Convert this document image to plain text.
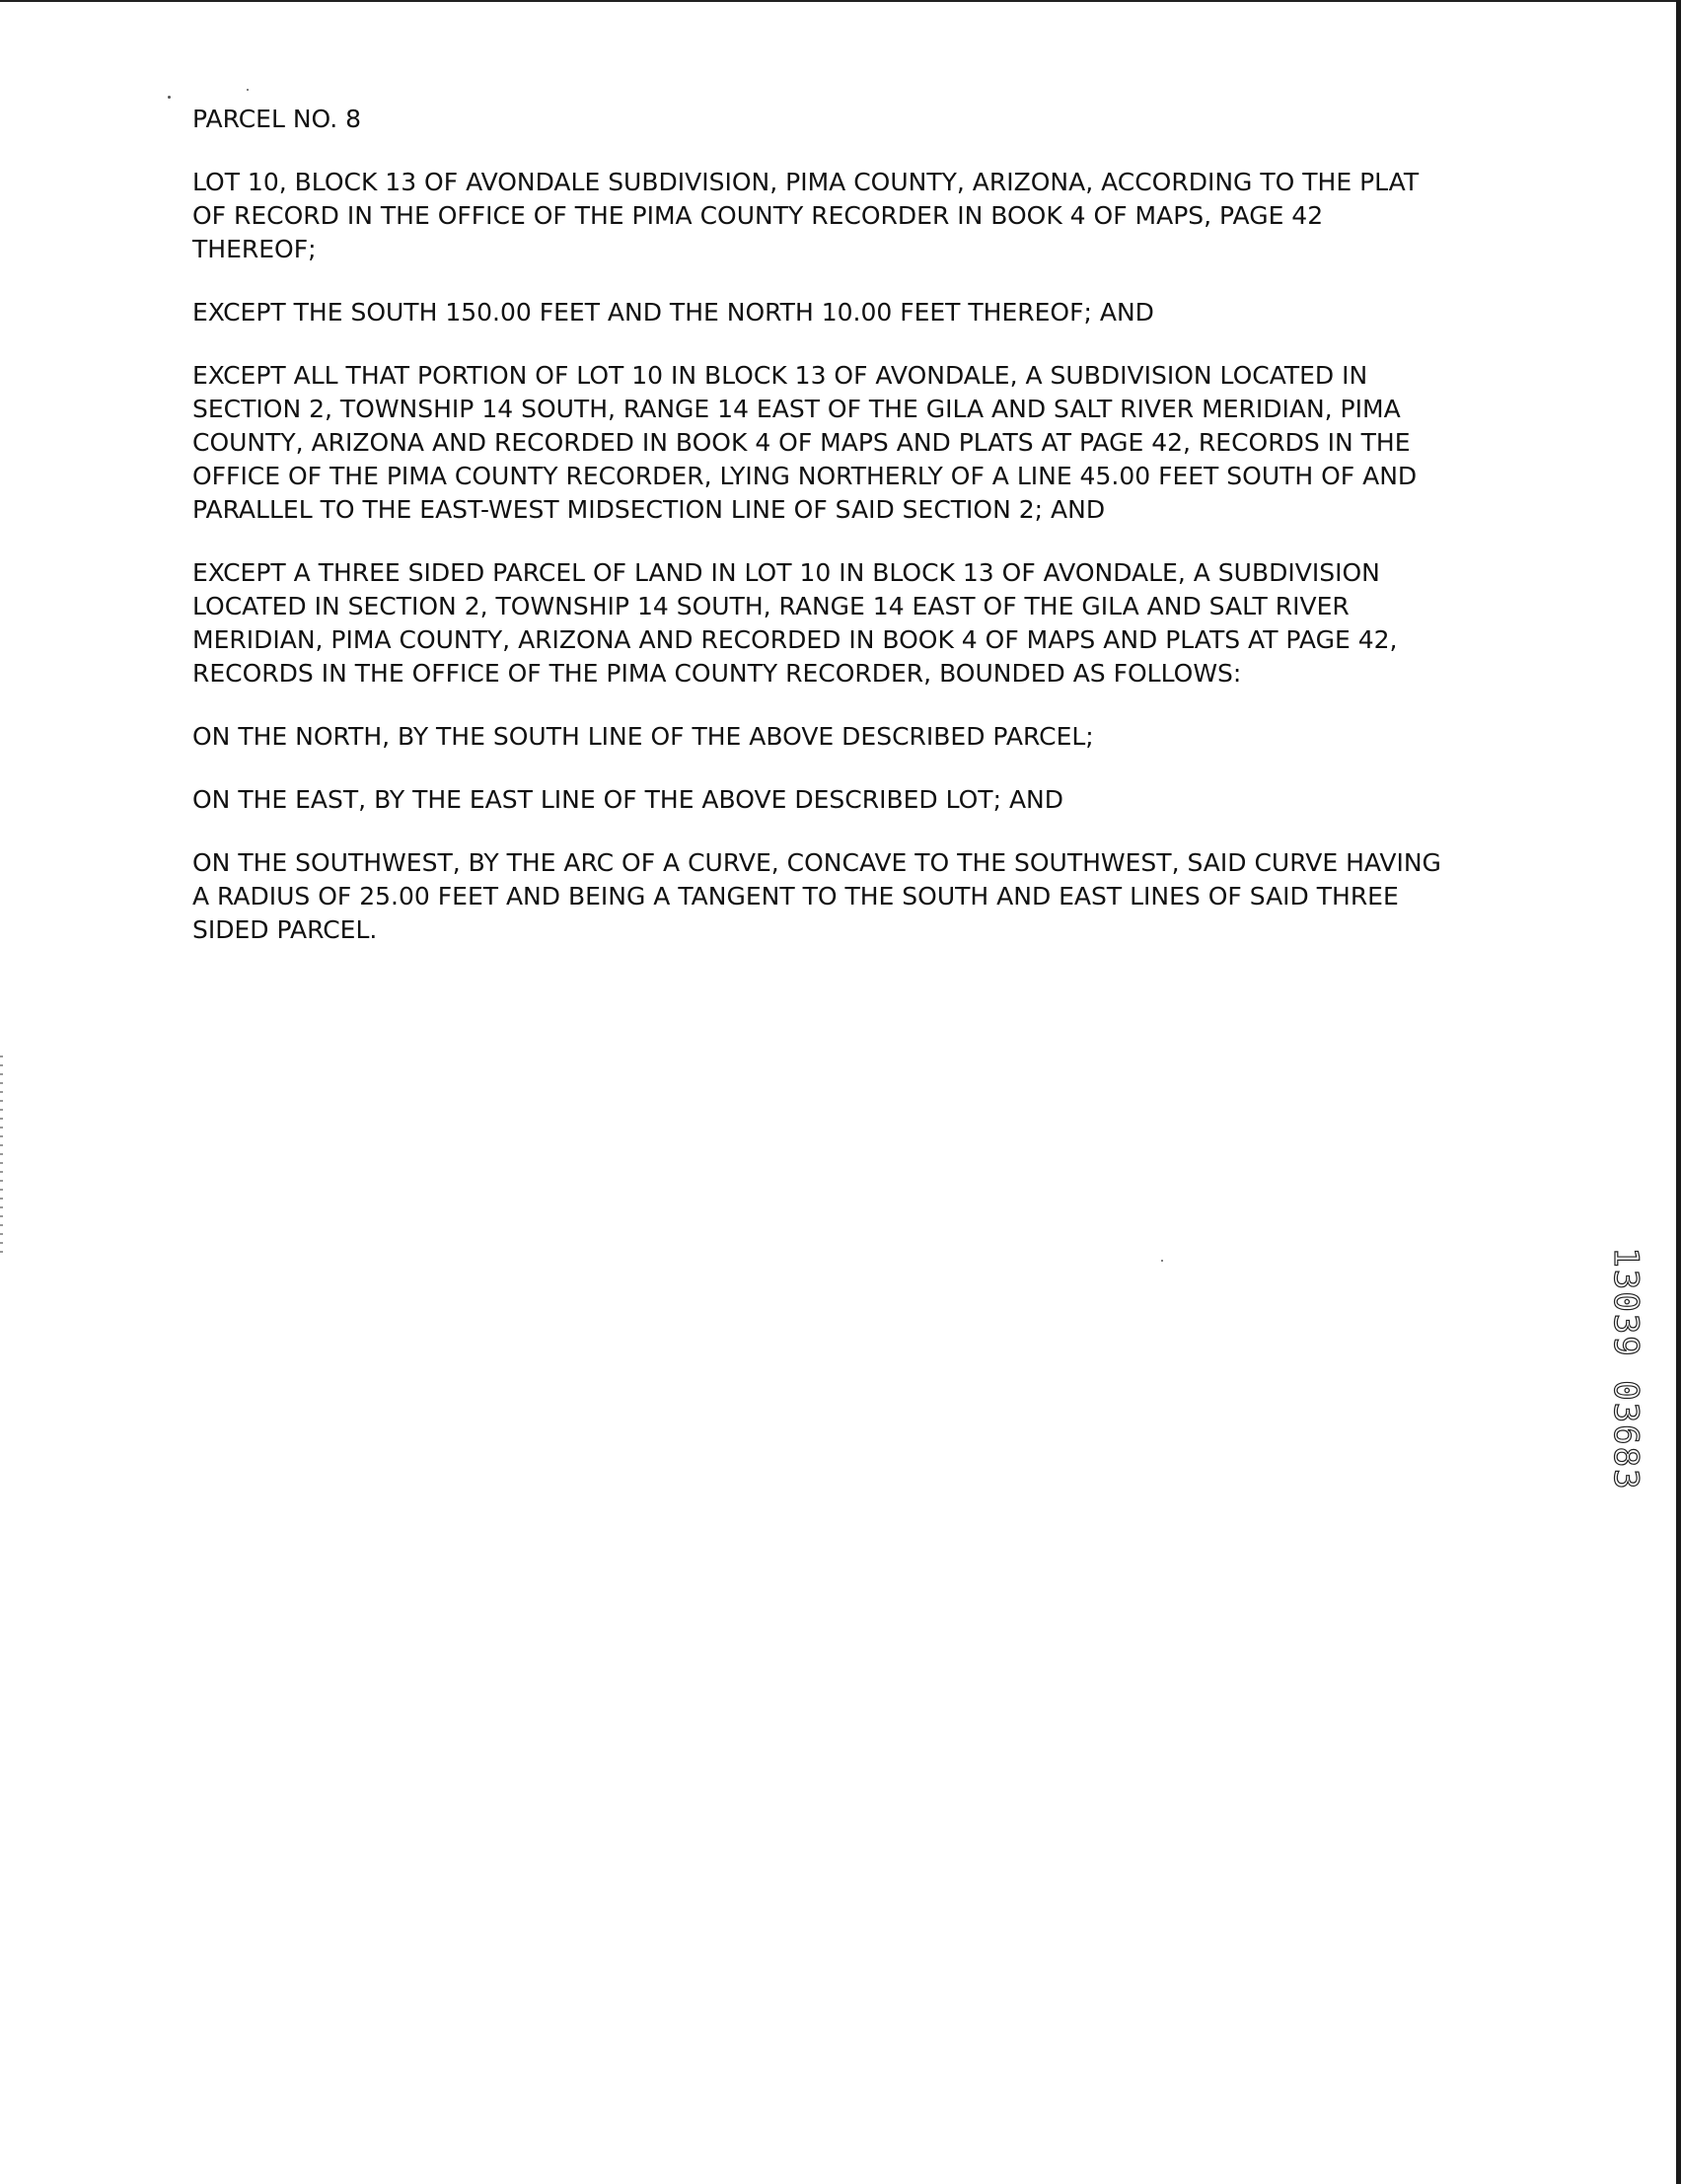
PARCEL NO. 8
LOT 10, BLOCK 13 OF AVONDALE SUBDIVISION, PIMA COUNTY, ARIZONA, ACCORDING TO THE PLAT
OF RECORD IN THE OFFICE OF THE PIMA COUNTY RECORDER IN BOOK 4 OF MAPS, PAGE 42
THEREOF;
EXCEPT THE SOUTH 150.00 FEET AND THE NORTH 10.00 FEET THEREOF; AND
EXCEPT ALL THAT PORTION OF LOT 10 IN BLOCK 13 OF AVONDALE, A SUBDIVISION LOCATED IN
SECTION 2, TOWNSHIP 14 SOUTH, RANGE 14 EAST OF THE GILA AND SALT RIVER MERIDIAN, PIMA
COUNTY, ARIZONA AND RECORDED IN BOOK 4 OF MAPS AND PLATS AT PAGE 42, RECORDS IN THE
OFFICE OF THE PIMA COUNTY RECORDER, LYING NORTHERLY OF A LINE 45.00 FEET SOUTH OF AND
PARALLEL TO THE EAST-WEST MIDSECTION LINE OF SAID SECTION 2; AND
EXCEPT A THREE SIDED PARCEL OF LAND IN LOT 10 IN BLOCK 13 OF AVONDALE, A SUBDIVISION
LOCATED IN SECTION 2, TOWNSHIP 14 SOUTH, RANGE 14 EAST OF THE GILA AND SALT RIVER
MERIDIAN, PIMA COUNTY, ARIZONA AND RECORDED IN BOOK 4 OF MAPS AND PLATS AT PAGE 42,
RECORDS IN THE OFFICE OF THE PIMA COUNTY RECORDER, BOUNDED AS FOLLOWS:
ON THE NORTH, BY THE SOUTH LINE OF THE ABOVE DESCRIBED PARCEL;
ON THE EAST, BY THE EAST LINE OF THE ABOVE DESCRIBED LOT; AND
ON THE SOUTHWEST, BY THE ARC OF A CURVE, CONCAVE TO THE SOUTHWEST, SAID CURVE HAVING
A RADIUS OF 25.00 FEET AND BEING A TANGENT TO THE SOUTH AND EAST LINES OF SAID THREE
SIDED PARCEL.
13039 03683
